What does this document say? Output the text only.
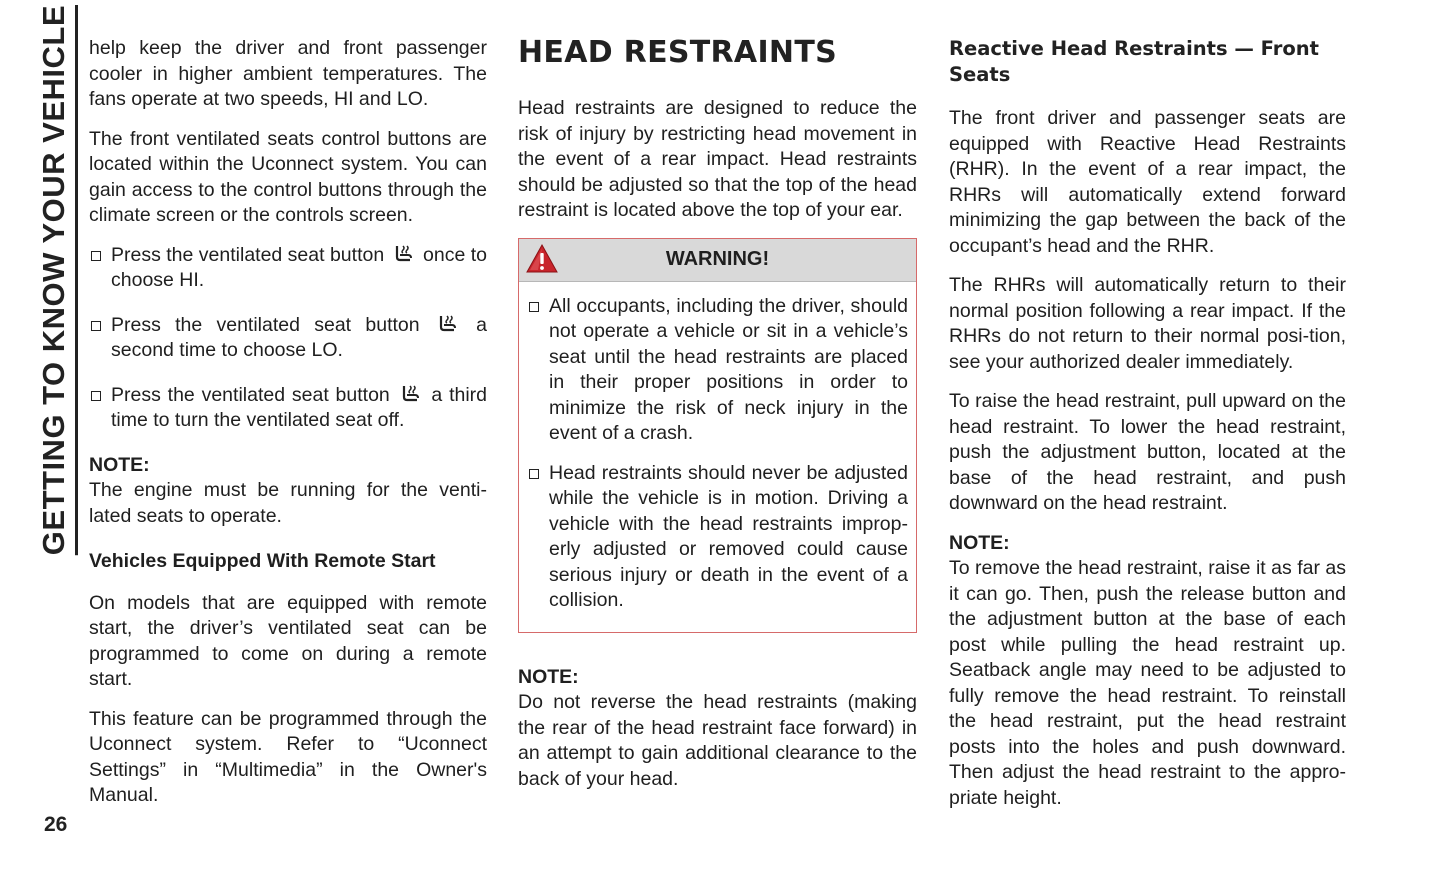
GETTING TO KNOW YOUR VEHICLE
26

help keep the driver and front passenger cooler in higher ambient temperatures. The fans operate at two speeds, HI and LO.

The front ventilated seats control buttons are located within the Uconnect system. You can gain access to the control buttons through the climate screen or the controls screen.

Press the ventilated seat button once to choose HI.
Press the ventilated seat button	a second time to choose LO.
Press the ventilated seat button a third time to turn the ventilated seat off.
NOTE:

The engine must be running for the venti-lated seats to operate.

Vehicles Equipped With Remote Start

On models that are equipped with remote start, the driver’s ventilated seat can be programmed to come on during a remote start.

This feature can be programmed through the Uconnect system. Refer to “Uconnect Settings” in “Multimedia” in the Owner's Manual.

HEAD RESTRAINTS

Head restraints are designed to reduce the risk of injury by restricting head movement in the event of a rear impact. Head restraints should be adjusted so that the top of the head restraint is located above the top of your ear.

WARNING!
All occupants, including the driver, should not operate a vehicle or sit in a vehicle’s seat until the head restraints are placed in their proper positions in order to minimize the risk of neck injury in the event of a crash.
Head restraints should never be adjusted while the vehicle is in motion. Driving a vehicle with the head restraints improp-erly adjusted or removed could cause serious injury or death in the event of a collision.
NOTE:

Do not reverse the head restraints (making the rear of the head restraint face forward) in an attempt to gain additional clearance to the back of your head.

Reactive Head Restraints — Front Seats

The front driver and passenger seats are equipped with Reactive Head Restraints (RHR). In the event of a rear impact, the RHRs will automatically extend forward minimizing the gap between the back of the occupant’s head and the RHR.

The RHRs will automatically return to their normal position following a rear impact. If the RHRs do not return to their normal posi-tion, see your authorized dealer immediately.

To raise the head restraint, pull upward on the head restraint. To lower the head restraint, push the adjustment button, located at the base of the head restraint, and push downward on the head restraint.

NOTE:

To remove the head restraint, raise it as far as it can go. Then, push the release button and the adjustment button at the base of each post while pulling the head restraint up. Seatback angle may need to be adjusted to fully remove the head restraint. To reinstall the head restraint, put the head restraint posts into the holes and push downward. Then adjust the head restraint to the appro-priate height.
